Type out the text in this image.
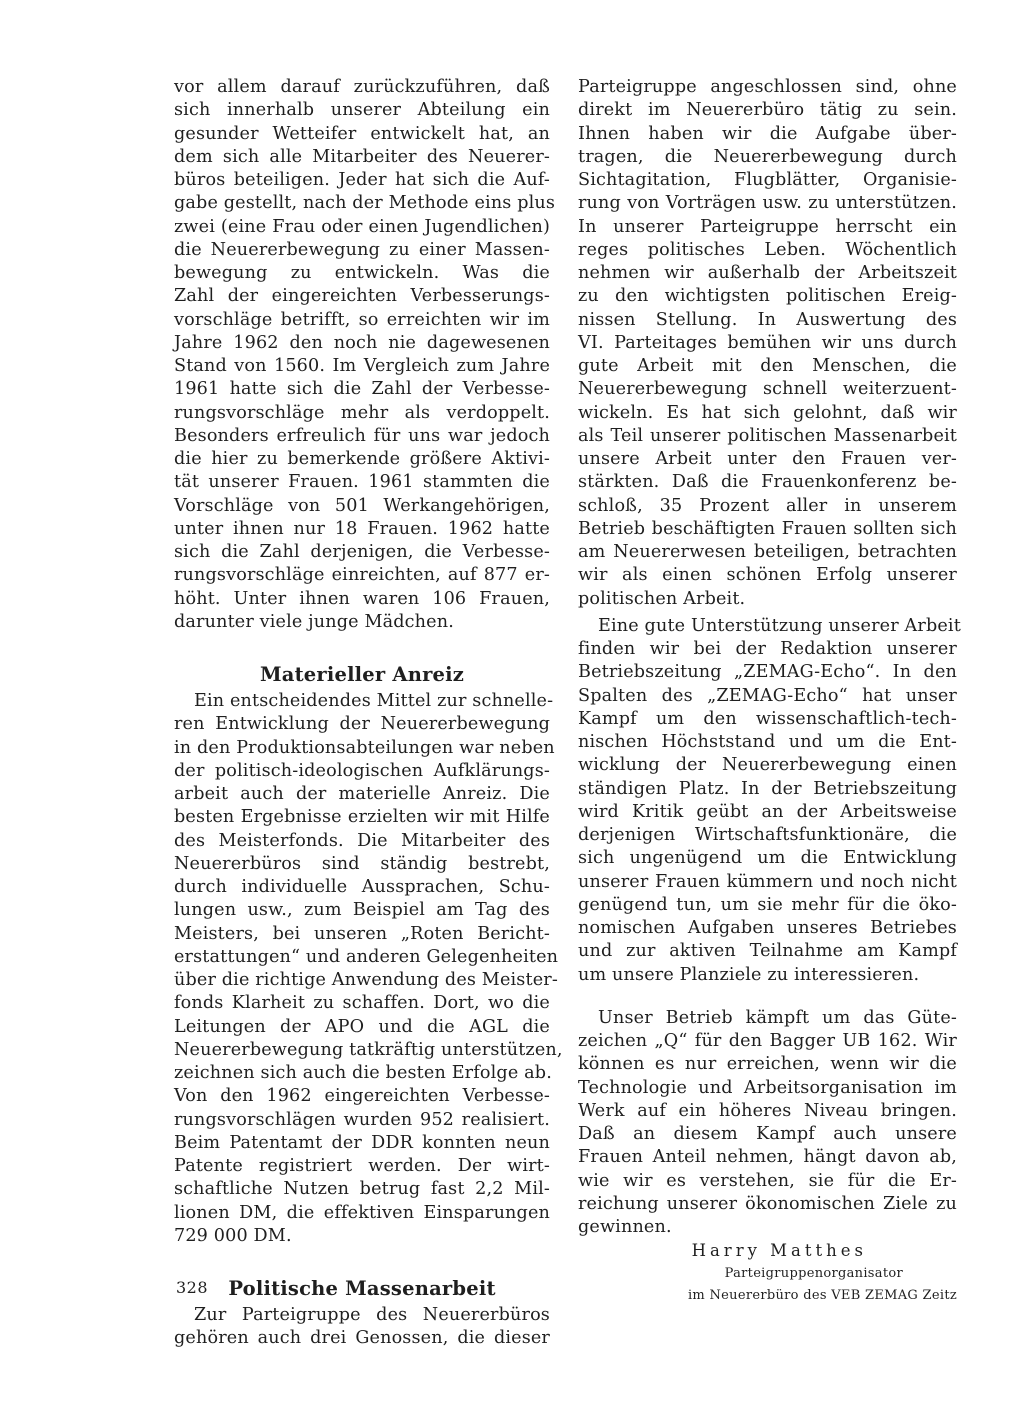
vor allem darauf zurückzuführen, daß
sich innerhalb unserer Abteilung ein
gesunder Wetteifer entwickelt hat, an
dem sich alle Mitarbeiter des Neuerer-
büros beteiligen. Jeder hat sich die Auf-
gabe gestellt, nach der Methode eins plus
zwei (eine Frau oder einen Jugendlichen)
die Neuererbewegung zu einer Massen-
bewegung zu entwickeln. Was die
Zahl der eingereichten Verbesserungs-
vorschläge betrifft, so erreichten wir im
Jahre 1962 den noch nie dagewesenen
Stand von 1560. Im Vergleich zum Jahre
1961 hatte sich die Zahl der Verbesse-
rungsvorschläge mehr als verdoppelt.
Besonders erfreulich für uns war jedoch
die hier zu bemerkende größere Aktivi-
tät unserer Frauen. 1961 stammten die
Vorschläge von 501 Werkangehörigen,
unter ihnen nur 18 Frauen. 1962 hatte
sich die Zahl derjenigen, die Verbesse-
rungsvorschläge einreichten, auf 877 er-
höht. Unter ihnen waren 106 Frauen,
darunter viele junge Mädchen.
Materieller Anreiz
Ein entscheidendes Mittel zur schnelle-
ren Entwicklung der Neuererbewegung
in den Produktionsabteilungen war neben
der politisch-ideologischen Aufklärungs-
arbeit auch der materielle Anreiz. Die
besten Ergebnisse erzielten wir mit Hilfe
des Meisterfonds. Die Mitarbeiter des
Neuererbüros sind ständig bestrebt,
durch individuelle Aussprachen, Schu-
lungen usw., zum Beispiel am Tag des
Meisters, bei unseren „Roten Bericht-
erstattungen“ und anderen Gelegenheiten
über die richtige Anwendung des Meister-
fonds Klarheit zu schaffen. Dort, wo die
Leitungen der APO und die AGL die
Neuererbewegung tatkräftig unterstützen,
zeichnen sich auch die besten Erfolge ab.
Von den 1962 eingereichten Verbesse-
rungsvorschlägen wurden 952 realisiert.
Beim Patentamt der DDR konnten neun
Patente registriert werden. Der wirt-
schaftliche Nutzen betrug fast 2,2 Mil-
lionen DM, die effektiven Einsparungen
729 000 DM.
Politische Massenarbeit
Zur Parteigruppe des Neuererbüros
gehören auch drei Genossen, die dieser
Parteigruppe angeschlossen sind, ohne
direkt im Neuererbüro tätig zu sein.
Ihnen haben wir die Aufgabe über-
tragen, die Neuererbewegung durch
Sichtagitation, Flugblätter, Organisie-
rung von Vorträgen usw. zu unterstützen.
In unserer Parteigruppe herrscht ein
reges politisches Leben. Wöchentlich
nehmen wir außerhalb der Arbeitszeit
zu den wichtigsten politischen Ereig-
nissen Stellung. In Auswertung des
VI. Parteitages bemühen wir uns durch
gute Arbeit mit den Menschen, die
Neuererbewegung schnell weiterzuent-
wickeln. Es hat sich gelohnt, daß wir
als Teil unserer politischen Massenarbeit
unsere Arbeit unter den Frauen ver-
stärkten. Daß die Frauenkonferenz be-
schloß, 35 Prozent aller in unserem
Betrieb beschäftigten Frauen sollten sich
am Neuererwesen beteiligen, betrachten
wir als einen schönen Erfolg unserer
politischen Arbeit.
Eine gute Unterstützung unserer Arbeit
finden wir bei der Redaktion unserer
Betriebszeitung „ZEMAG-Echo“. In den
Spalten des „ZEMAG-Echo“ hat unser
Kampf um den wissenschaftlich-tech-
nischen Höchststand und um die Ent-
wicklung der Neuererbewegung einen
ständigen Platz. In der Betriebszeitung
wird Kritik geübt an der Arbeitsweise
derjenigen Wirtschaftsfunktionäre, die
sich ungenügend um die Entwicklung
unserer Frauen kümmern und noch nicht
genügend tun, um sie mehr für die öko-
nomischen Aufgaben unseres Betriebes
und zur aktiven Teilnahme am Kampf
um unsere Planziele zu interessieren.
Unser Betrieb kämpft um das Güte-
zeichen „Q“ für den Bagger UB 162. Wir
können es nur erreichen, wenn wir die
Technologie und Arbeitsorganisation im
Werk auf ein höheres Niveau bringen.
Daß an diesem Kampf auch unsere
Frauen Anteil nehmen, hängt davon ab,
wie wir es verstehen, sie für die Er-
reichung unserer ökonomischen Ziele zu
gewinnen.
Harry Matthes
Parteigruppenorganisator
im Neuererbüro des VEB ZEMAG Zeitz
328
